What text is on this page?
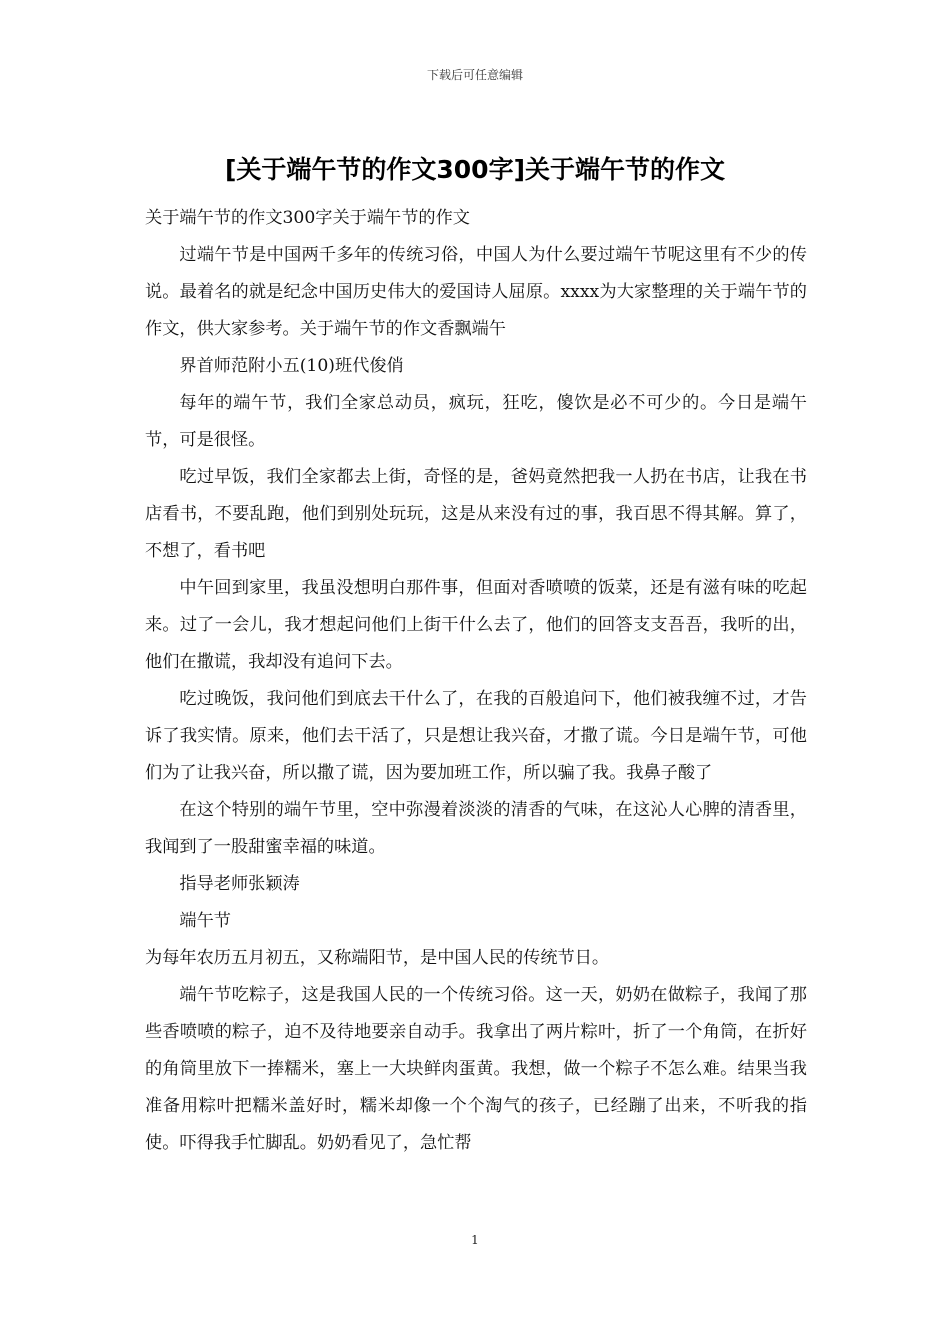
下载后可任意编辑
[关于端午节的作文300字]关于端午节的作文

关于端午节的作文300字关于端午节的作文

过端午节是中国两千多年的传统习俗，中国人为什么要过端午节呢这里有不少的传说。最着名的就是纪念中国历史伟大的爱国诗人屈原。xxxx为大家整理的关于端午节的作文，供大家参考。关于端午节的作文香飘端午

界首师范附小五(10)班代俊俏

每年的端午节，我们全家总动员，疯玩，狂吃，傻饮是必不可少的。今日是端午节，可是很怪。

吃过早饭，我们全家都去上街，奇怪的是，爸妈竟然把我一人扔在书店，让我在书店看书，不要乱跑，他们到别处玩玩，这是从来没有过的事，我百思不得其解。算了，不想了，看书吧

中午回到家里，我虽没想明白那件事，但面对香喷喷的饭菜，还是有滋有味的吃起来。过了一会儿，我才想起问他们上街干什么去了，他们的回答支支吾吾，我听的出，他们在撒谎，我却没有追问下去。

吃过晚饭，我问他们到底去干什么了，在我的百般追问下，他们被我缠不过，才告诉了我实情。原来，他们去干活了，只是想让我兴奋，才撒了谎。今日是端午节，可他们为了让我兴奋，所以撒了谎，因为要加班工作，所以骗了我。我鼻子酸了

在这个特别的端午节里，空中弥漫着淡淡的清香的气味，在这沁人心脾的清香里，我闻到了一股甜蜜幸福的味道。

指导老师张颖涛

端午节

为每年农历五月初五，又称端阳节，是中国人民的传统节日。

端午节吃粽子，这是我国人民的一个传统习俗。这一天，奶奶在做粽子，我闻了那些香喷喷的粽子，迫不及待地要亲自动手。我拿出了两片粽叶，折了一个角筒，在折好的角筒里放下一捧糯米，塞上一大块鲜肉蛋黄。我想，做一个粽子不怎么难。结果当我准备用粽叶把糯米盖好时，糯米却像一个个淘气的孩子，已经蹦了出来，不听我的指使。吓得我手忙脚乱。奶奶看见了，急忙帮

1
